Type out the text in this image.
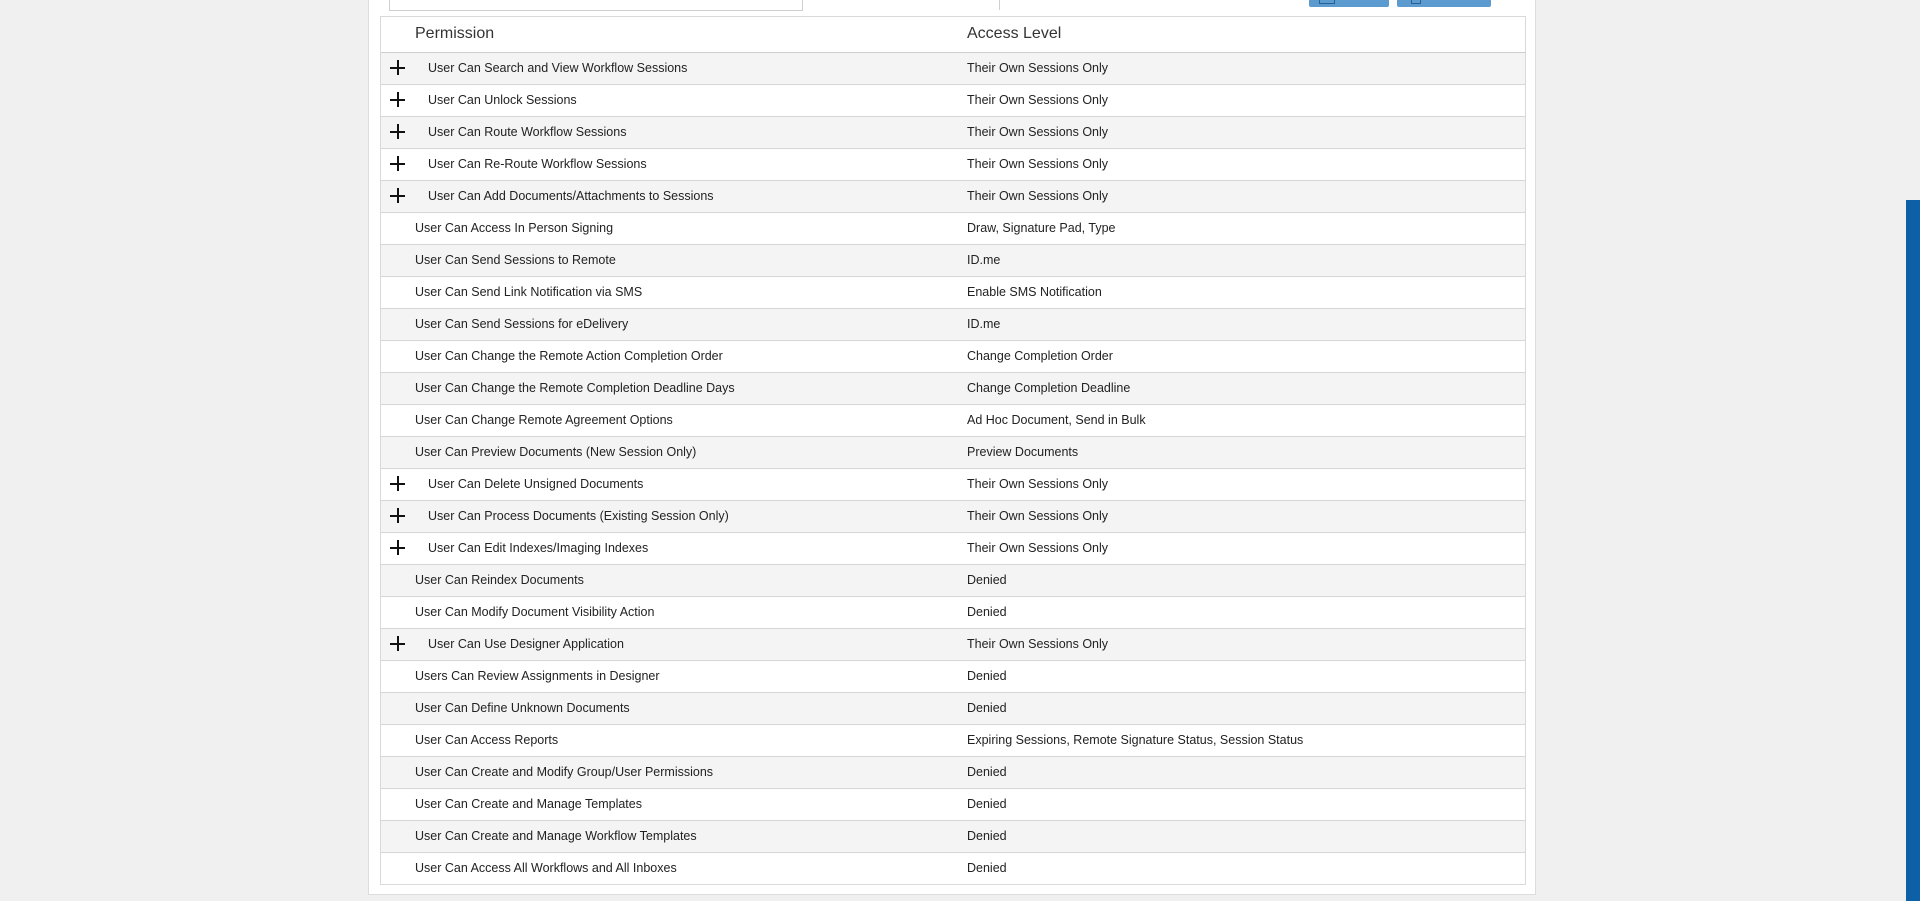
Permission	Access Level
User Can Search and View Workflow Sessions	Their Own Sessions Only
User Can Unlock Sessions	Their Own Sessions Only
User Can Route Workflow Sessions	Their Own Sessions Only
User Can Re-Route Workflow Sessions	Their Own Sessions Only
User Can Add Documents/Attachments to Sessions	Their Own Sessions Only
User Can Access In Person Signing	Draw, Signature Pad, Type
User Can Send Sessions to Remote	ID.me
User Can Send Link Notification via SMS	Enable SMS Notification
User Can Send Sessions for eDelivery	ID.me
User Can Change the Remote Action Completion Order	Change Completion Order
User Can Change the Remote Completion Deadline Days	Change Completion Deadline
User Can Change Remote Agreement Options	Ad Hoc Document, Send in Bulk
User Can Preview Documents (New Session Only)	Preview Documents
User Can Delete Unsigned Documents	Their Own Sessions Only
User Can Process Documents (Existing Session Only)	Their Own Sessions Only
User Can Edit Indexes/Imaging Indexes	Their Own Sessions Only
User Can Reindex Documents	Denied
User Can Modify Document Visibility Action	Denied
User Can Use Designer Application	Their Own Sessions Only
Users Can Review Assignments in Designer	Denied
User Can Define Unknown Documents	Denied
User Can Access Reports	Expiring Sessions, Remote Signature Status, Session Status
User Can Create and Modify Group/User Permissions	Denied
User Can Create and Manage Templates	Denied
User Can Create and Manage Workflow Templates	Denied
User Can Access All Workflows and All Inboxes	Denied
